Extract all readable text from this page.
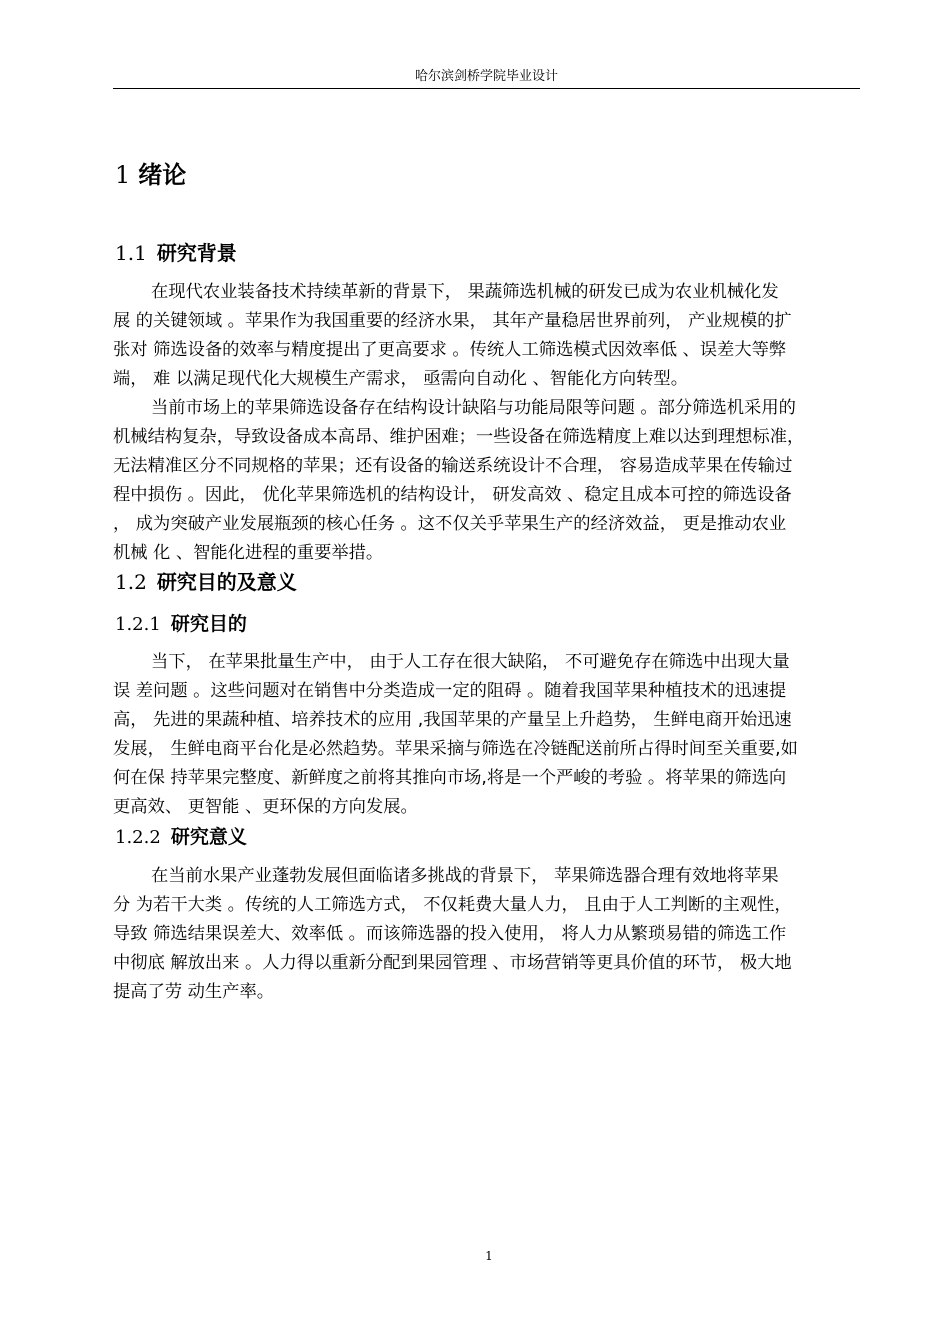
哈尔滨剑桥学院毕业设计
1 绪论
1.1 研究背景
在现代农业装备技术持续革新的背景下， 果蔬筛选机械的研发已成为农业机械化发
展 的关键领域 。苹果作为我国重要的经济水果， 其年产量稳居世界前列， 产业规模的扩
张对 筛选设备的效率与精度提出了更高要求 。传统人工筛选模式因效率低 、误差大等弊
端， 难 以满足现代化大规模生产需求， 亟需向自动化 、智能化方向转型。
当前市场上的苹果筛选设备存在结构设计缺陷与功能局限等问题 。部分筛选机采用的
机械结构复杂，导致设备成本高昂、维护困难；一些设备在筛选精度上难以达到理想标准，
无法精准区分不同规格的苹果；还有设备的输送系统设计不合理， 容易造成苹果在传输过
程中损伤 。因此， 优化苹果筛选机的结构设计， 研发高效 、稳定且成本可控的筛选设备
， 成为突破产业发展瓶颈的核心任务 。这不仅关乎苹果生产的经济效益， 更是推动农业
机械 化 、智能化进程的重要举措。
1.2 研究目的及意义
1.2.1 研究目的
当下， 在苹果批量生产中， 由于人工存在很大缺陷， 不可避免存在筛选中出现大量
误 差问题 。这些问题对在销售中分类造成一定的阻碍 。随着我国苹果种植技术的迅速提
高， 先进的果蔬种植、培养技术的应用 ,我国苹果的产量呈上升趋势， 生鲜电商开始迅速
发展， 生鲜电商平台化是必然趋势。苹果采摘与筛选在冷链配送前所占得时间至关重要,如
何在保 持苹果完整度、新鲜度之前将其推向市场,将是一个严峻的考验 。将苹果的筛选向
更高效、 更智能 、更环保的方向发展。
1.2.2 研究意义
在当前水果产业蓬勃发展但面临诸多挑战的背景下， 苹果筛选器合理有效地将苹果
分 为若干大类 。传统的人工筛选方式， 不仅耗费大量人力， 且由于人工判断的主观性，
导致 筛选结果误差大、效率低 。而该筛选器的投入使用， 将人力从繁琐易错的筛选工作
中彻底 解放出来 。人力得以重新分配到果园管理 、市场营销等更具价值的环节， 极大地
提高了劳 动生产率。
1
